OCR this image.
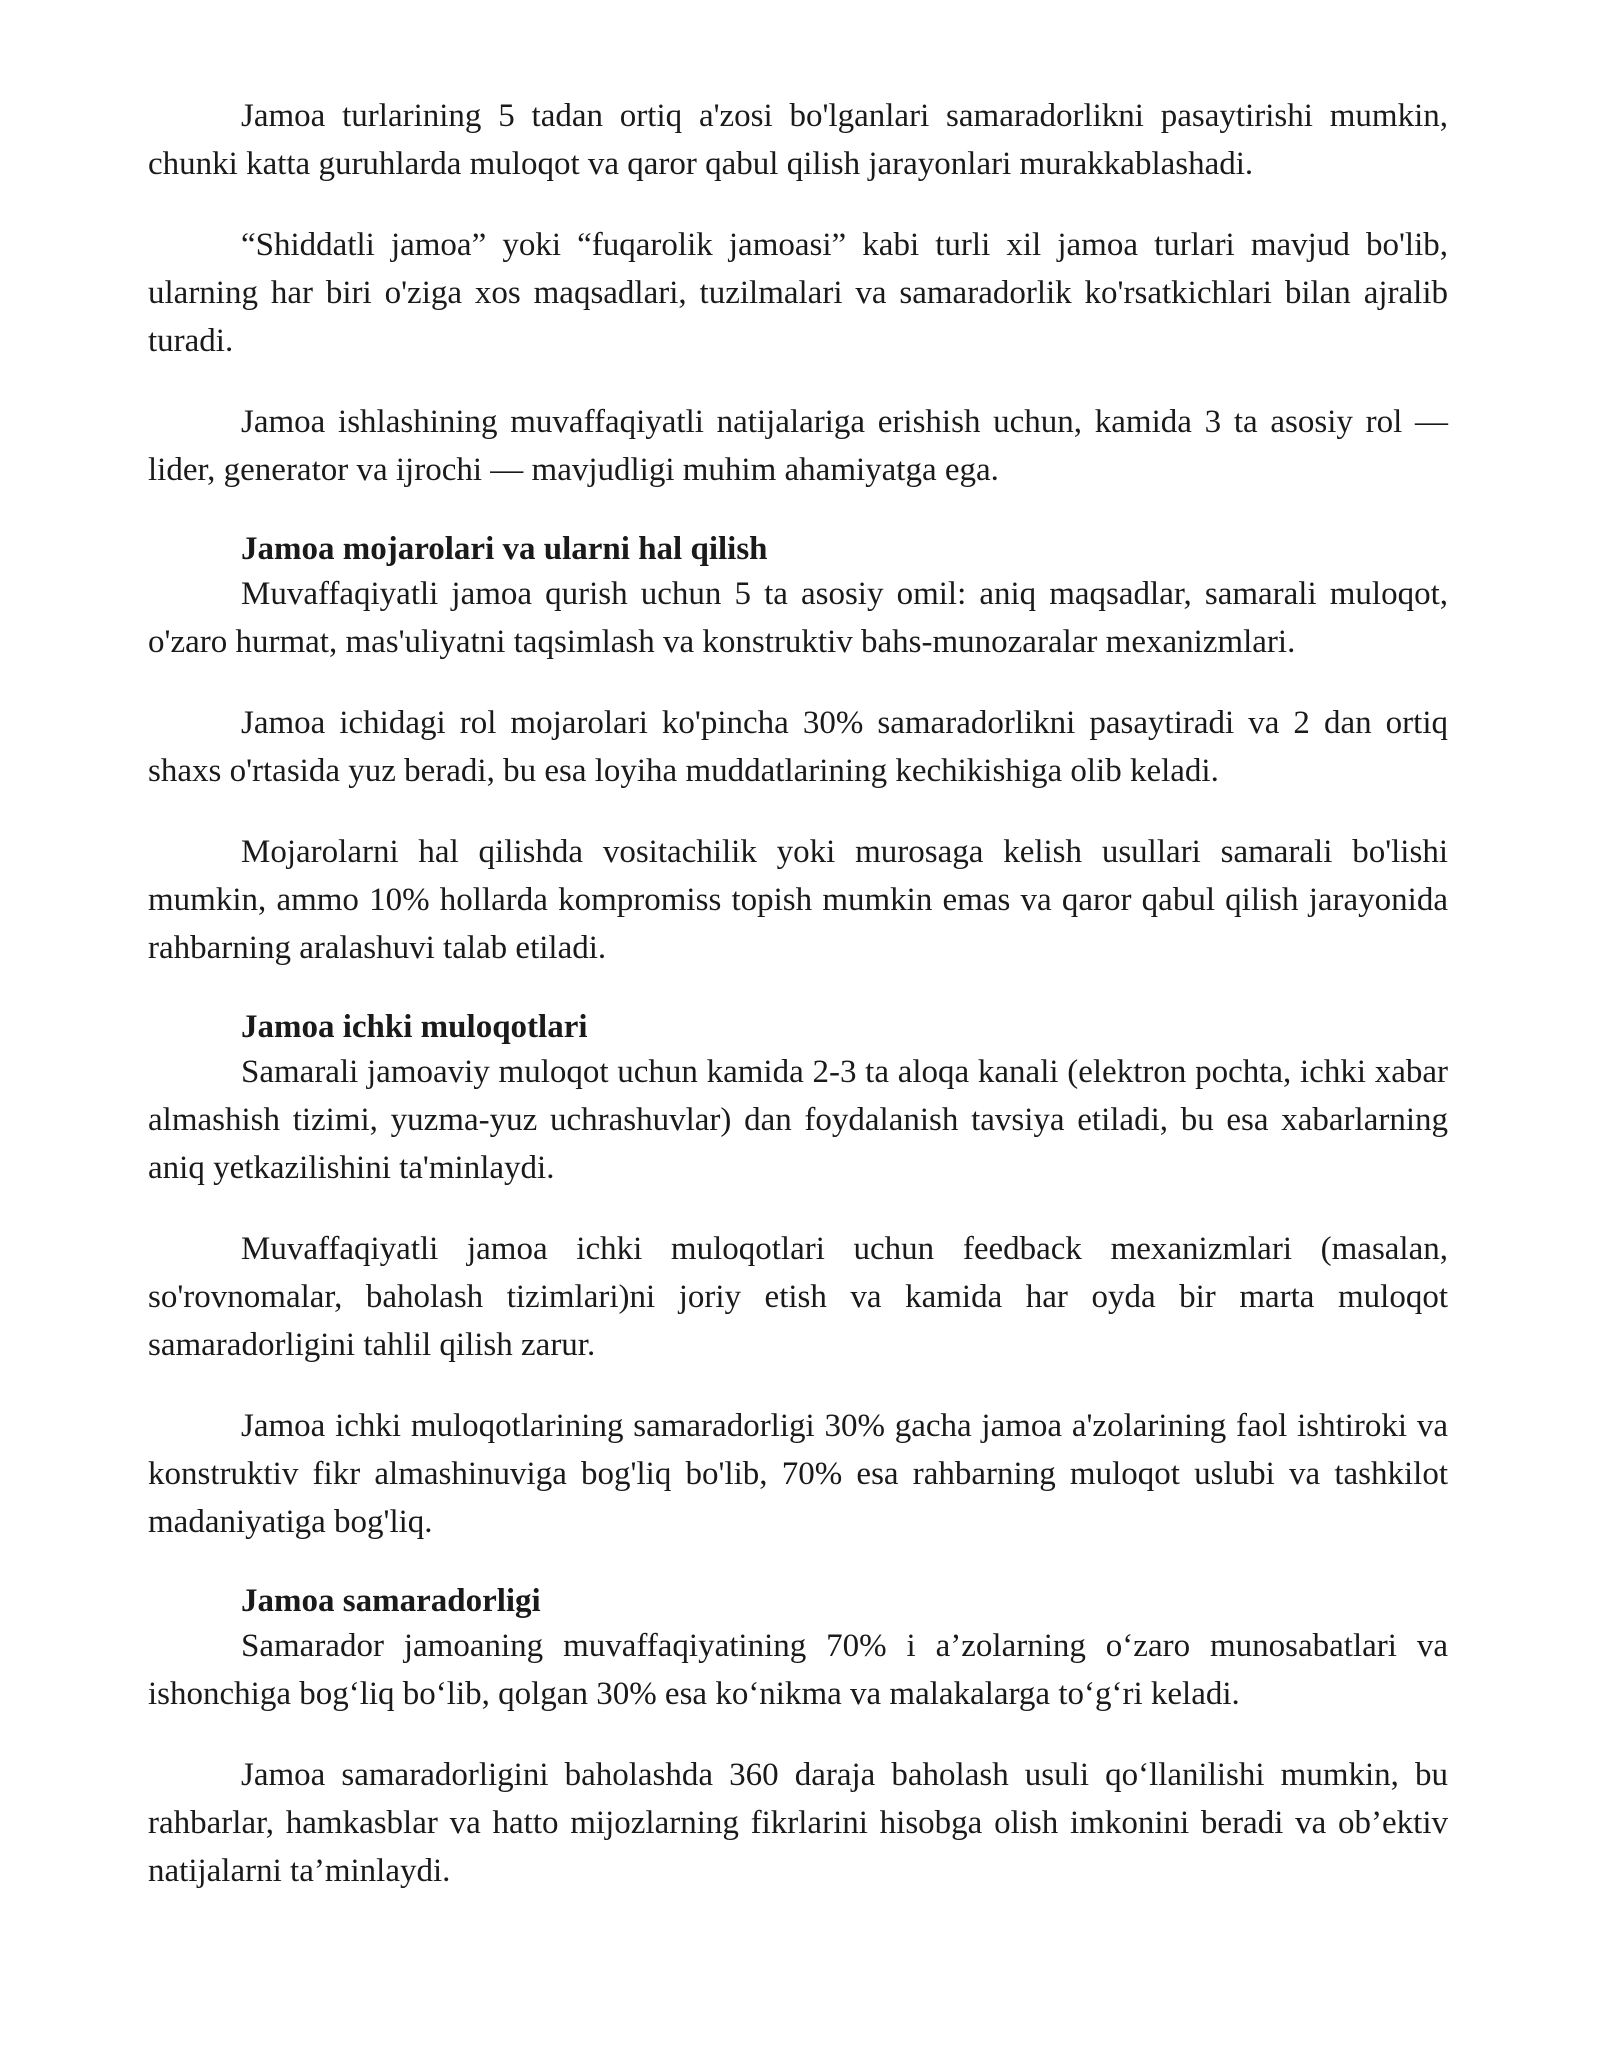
Jamoa turlarining 5 tadan ortiq a'zosi bo'lganlari samaradorlikni pasaytirishi mumkin, chunki katta guruhlarda muloqot va qaror qabul qilish jarayonlari murakkablashadi.

“Shiddatli jamoa” yoki “fuqarolik jamoasi” kabi turli xil jamoa turlari mavjud bo'lib, ularning har biri o'ziga xos maqsadlari, tuzilmalari va samaradorlik ko'rsatkichlari bilan ajralib turadi.

Jamoa ishlashining muvaffaqiyatli natijalariga erishish uchun, kamida 3 ta asosiy rol — lider, generator va ijrochi — mavjudligi muhim ahamiyatga ega.

Jamoa mojarolari va ularni hal qilish

Muvaffaqiyatli jamoa qurish uchun 5 ta asosiy omil: aniq maqsadlar, samarali muloqot, o'zaro hurmat, mas'uliyatni taqsimlash va konstruktiv bahs-munozaralar mexanizmlari.

Jamoa ichidagi rol mojarolari ko'pincha 30% samaradorlikni pasaytiradi va 2 dan ortiq shaxs o'rtasida yuz beradi, bu esa loyiha muddatlarining kechikishiga olib keladi.

Mojarolarni hal qilishda vositachilik yoki murosaga kelish usullari samarali bo'lishi mumkin, ammo 10% hollarda kompromiss topish mumkin emas va qaror qabul qilish jarayonida rahbarning aralashuvi talab etiladi.

Jamoa ichki muloqotlari

Samarali jamoaviy muloqot uchun kamida 2-3 ta aloqa kanali (elektron pochta, ichki xabar almashish tizimi, yuzma-yuz uchrashuvlar) dan foydalanish tavsiya etiladi, bu esa xabarlarning aniq yetkazilishini ta'minlaydi.

Muvaffaqiyatli jamoa ichki muloqotlari uchun feedback mexanizmlari (masalan, so'rovnomalar, baholash tizimlari)ni joriy etish va kamida har oyda bir marta muloqot samaradorligini tahlil qilish zarur.

Jamoa ichki muloqotlarining samaradorligi 30% gacha jamoa a'zolarining faol ishtiroki va konstruktiv fikr almashinuviga bog'liq bo'lib, 70% esa rahbarning muloqot uslubi va tashkilot madaniyatiga bog'liq.

Jamoa samaradorligi

Samarador jamoaning muvaffaqiyatining 70% i a’zolarning o‘zaro munosabatlari va ishonchiga bog‘liq bo‘lib, qolgan 30% esa ko‘nikma va malakalarga to‘g‘ri keladi.

Jamoa samaradorligini baholashda 360 daraja baholash usuli qo‘llanilishi mumkin, bu rahbarlar, hamkasblar va hatto mijozlarning fikrlarini hisobga olish imkonini beradi va ob’ektiv natijalarni ta’minlaydi.
